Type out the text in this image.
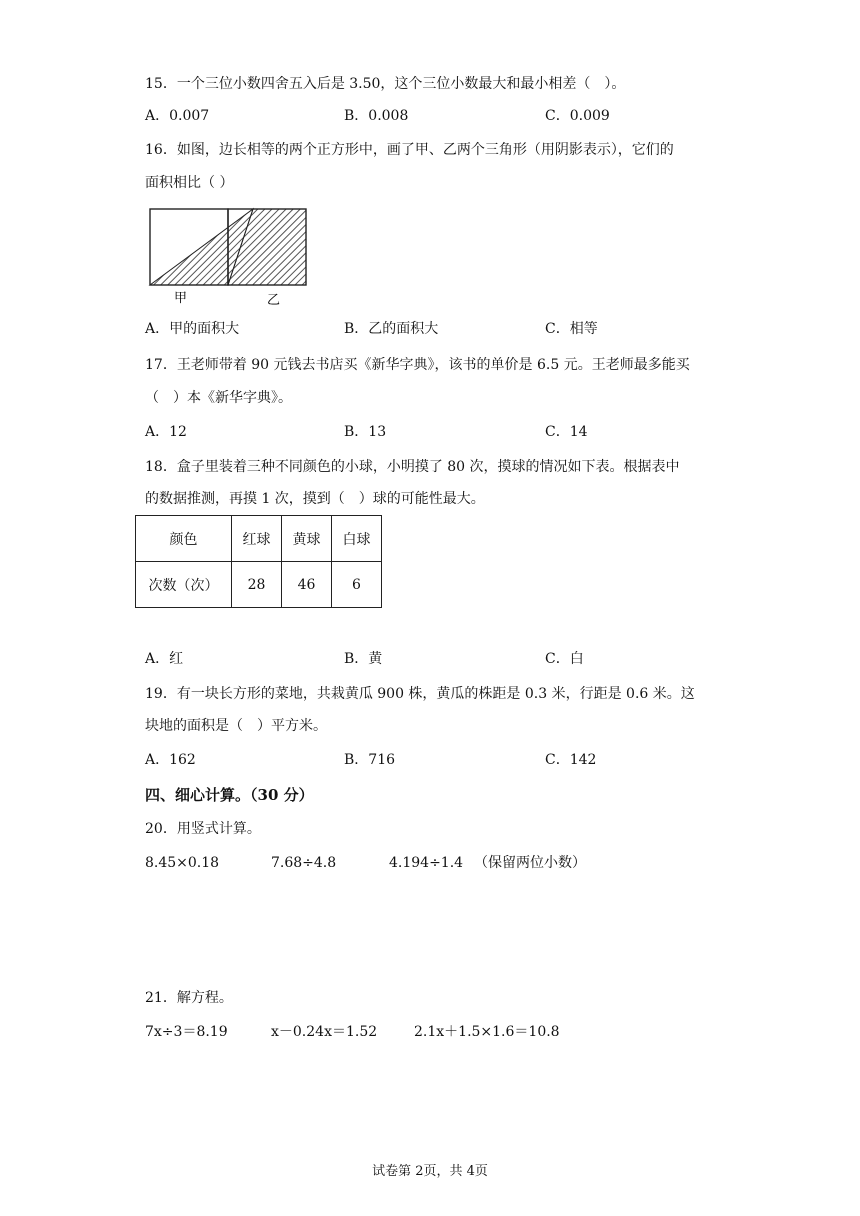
15．一个三位小数四舍五入后是 3.50，这个三位小数最大和最小相差（　）。
A．0.007	B．0.008	C．0.009
16．如图，边长相等的两个正方形中，画了甲、乙两个三角形（用阴影表示），它们的
面积相比（ ）
甲	乙
A．甲的面积大	B．乙的面积大	C．相等
17．王老师带着 90 元钱去书店买《新华字典》，该书的单价是 6.5 元。王老师最多能买
（　）本《新华字典》。
A．12	B．13	C．14
18．盒子里装着三种不同颜色的小球，小明摸了 80 次，摸球的情况如下表。根据表中
的数据推测，再摸 1 次，摸到（　）球的可能性最大。
颜色	红球	黄球	白球
次数（次）	28	46	6
A．红	B．黄	C．白
19．有一块长方形的菜地，共栽黄瓜 900 株，黄瓜的株距是 0.3 米，行距是 0.6 米。这
块地的面积是（　）平方米。
A．162	B．716	C．142
四、细心计算。（30 分）
20．用竖式计算。
8.45×0.18	7.68÷4.8	4.194÷1.4 （保留两位小数）
21．解方程。
7x÷3＝8.19	x－0.24x＝1.52	2.1x＋1.5×1.6＝10.8
试卷第 2页，共 4页
